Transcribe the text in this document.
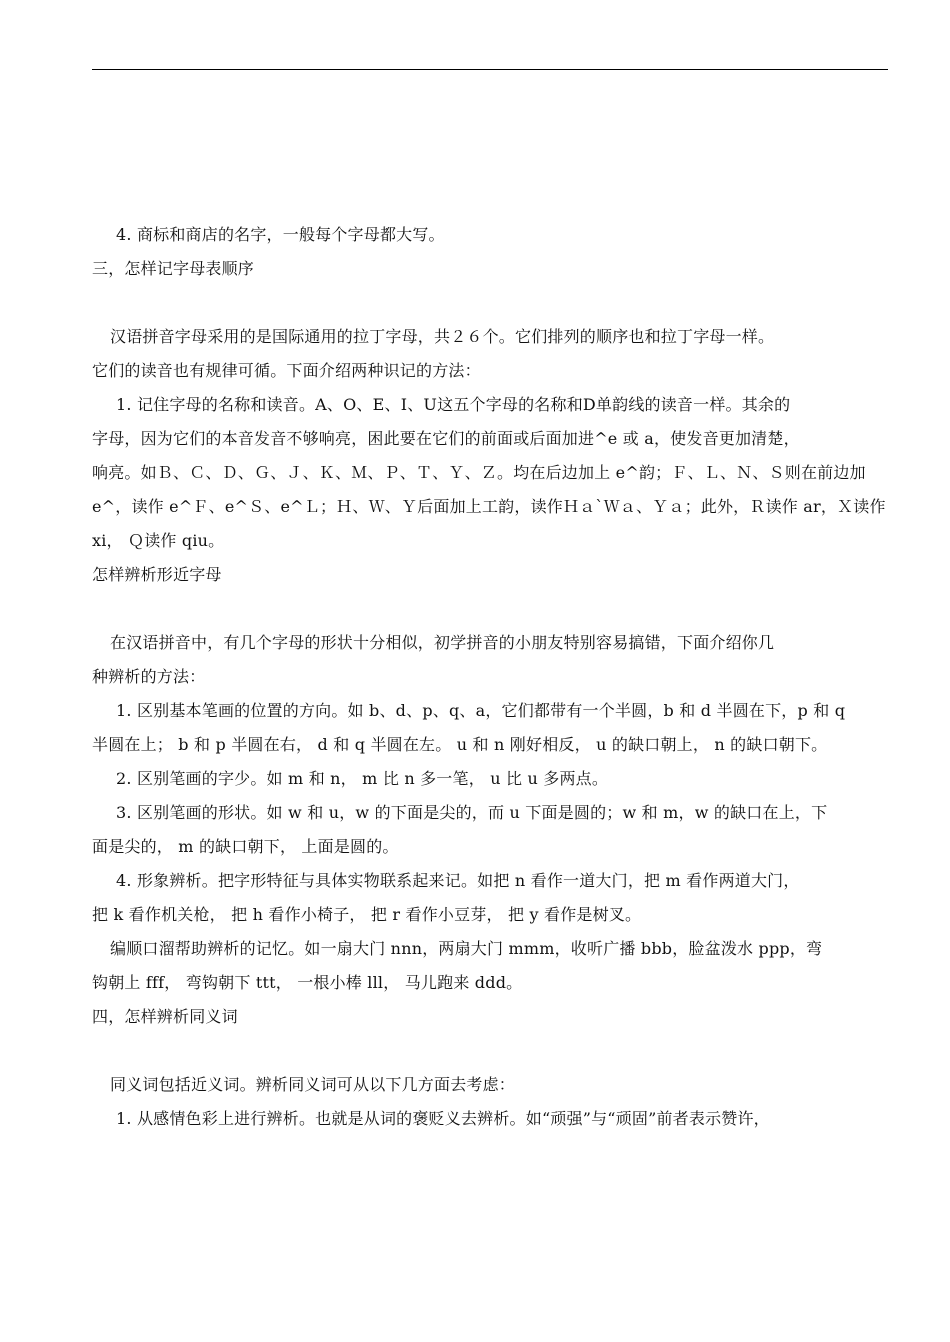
4. 商标和商店的名字，一般每个字母都大写。
三，怎样记字母表顺序
汉语拼音字母采用的是国际通用的拉丁字母，共２６个。它们排列的顺序也和拉丁字母一样。
它们的读音也有规律可循。下面介绍两种识记的方法：
1. 记住字母的名称和读音。A、O、E、I、U这五个字母的名称和D单韵线的读音一样。其余的
字母，因为它们的本音发音不够响亮，困此要在它们的前面或后面加进^e 或 a，使发音更加清楚，
响亮。如Ｂ、Ｃ、Ｄ、Ｇ、Ｊ、Ｋ、Ｍ、Ｐ、Ｔ、Ｙ、Ｚ。均在后边加上 e^韵；Ｆ、Ｌ、Ｎ、Ｓ则在前边加
e^，读作 e^Ｆ、e^Ｓ、e^Ｌ；Ｈ、Ｗ、Ｙ后面加上工韵，读作Ｈａ`Ｗａ、Ｙａ；此外，Ｒ读作 ar，Ｘ读作
xi， Ｑ读作 qiu。
怎样辨析形近字母
在汉语拼音中，有几个字母的形状十分相似，初学拼音的小朋友特别容易搞错，下面介绍你几
种辨析的方法：
1. 区别基本笔画的位置的方向。如 b、d、p、q、a，它们都带有一个半圆，b 和 d 半圆在下，p 和 q
半圆在上； b 和 p 半圆在右， d 和 q 半圆在左。 u 和 n 刚好相反， u 的缺口朝上， n 的缺口朝下。
2. 区别笔画的字少。如 m 和 n， m 比 n 多一笔， u 比 u 多两点。
3. 区别笔画的形状。如 w 和 u，w 的下面是尖的，而 u 下面是圆的；w 和 m，w 的缺口在上，下
面是尖的， m 的缺口朝下， 上面是圆的。
4. 形象辨析。把字形特征与具体实物联系起来记。如把 n 看作一道大门，把 m 看作两道大门，
把 k 看作机关枪， 把 h 看作小椅子， 把 r 看作小豆芽， 把 y 看作是树叉。
编顺口溜帮助辨析的记忆。如一扇大门 nnn，两扇大门 mmm，收听广播 bbb，脸盆泼水 ppp，弯
钩朝上 fff， 弯钩朝下 ttt， 一根小棒 lll， 马儿跑来 ddd。
四，怎样辨析同义词
同义词包括近义词。辨析同义词可从以下几方面去考虑：
1. 从感情色彩上进行辨析。也就是从词的褒贬义去辨析。如“顽强”与“顽固”前者表示赞许，
